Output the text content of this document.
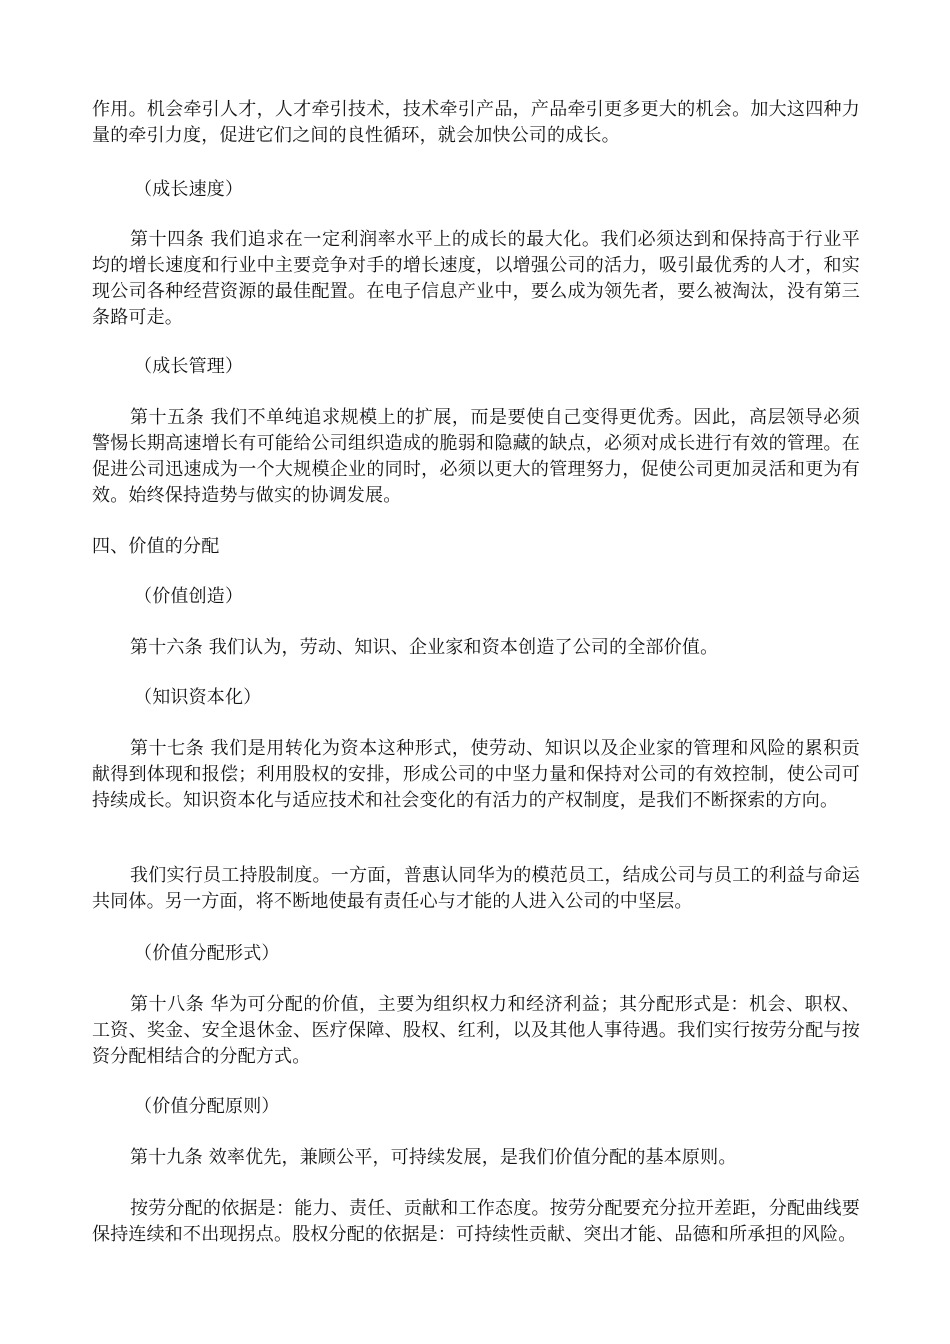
作用。机会牵引人才，人才牵引技术，技术牵引产品，产品牵引更多更大的机会。加大这四种力量的牵引力度，促进它们之间的良性循环，就会加快公司的成长。
（成长速度）
第十四条 我们追求在一定利润率水平上的成长的最大化。我们必须达到和保持高于行业平均的增长速度和行业中主要竞争对手的增长速度，以增强公司的活力，吸引最优秀的人才，和实现公司各种经营资源的最佳配置。在电子信息产业中，要么成为领先者，要么被淘汰，没有第三条路可走。
（成长管理）
第十五条 我们不单纯追求规模上的扩展，而是要使自己变得更优秀。因此，高层领导必须警惕长期高速增长有可能给公司组织造成的脆弱和隐藏的缺点，必须对成长进行有效的管理。在促进公司迅速成为一个大规模企业的同时，必须以更大的管理努力，促使公司更加灵活和更为有效。始终保持造势与做实的协调发展。
四、价值的分配
（价值创造）
第十六条 我们认为，劳动、知识、企业家和资本创造了公司的全部价值。
（知识资本化）
第十七条 我们是用转化为资本这种形式，使劳动、知识以及企业家的管理和风险的累积贡献得到体现和报偿；利用股权的安排，形成公司的中坚力量和保持对公司的有效控制，使公司可持续成长。知识资本化与适应技术和社会变化的有活力的产权制度，是我们不断探索的方向。
我们实行员工持股制度。一方面，普惠认同华为的模范员工，结成公司与员工的利益与命运共同体。另一方面，将不断地使最有责任心与才能的人进入公司的中坚层。
（价值分配形式）
第十八条 华为可分配的价值，主要为组织权力和经济利益；其分配形式是：机会、职权、工资、奖金、安全退休金、医疗保障、股权、红利，以及其他人事待遇。我们实行按劳分配与按资分配相结合的分配方式。
（价值分配原则）
第十九条 效率优先，兼顾公平，可持续发展，是我们价值分配的基本原则。
按劳分配的依据是：能力、责任、贡献和工作态度。按劳分配要充分拉开差距，分配曲线要保持连续和不出现拐点。股权分配的依据是：可持续性贡献、突出才能、品德和所承担的风险。
